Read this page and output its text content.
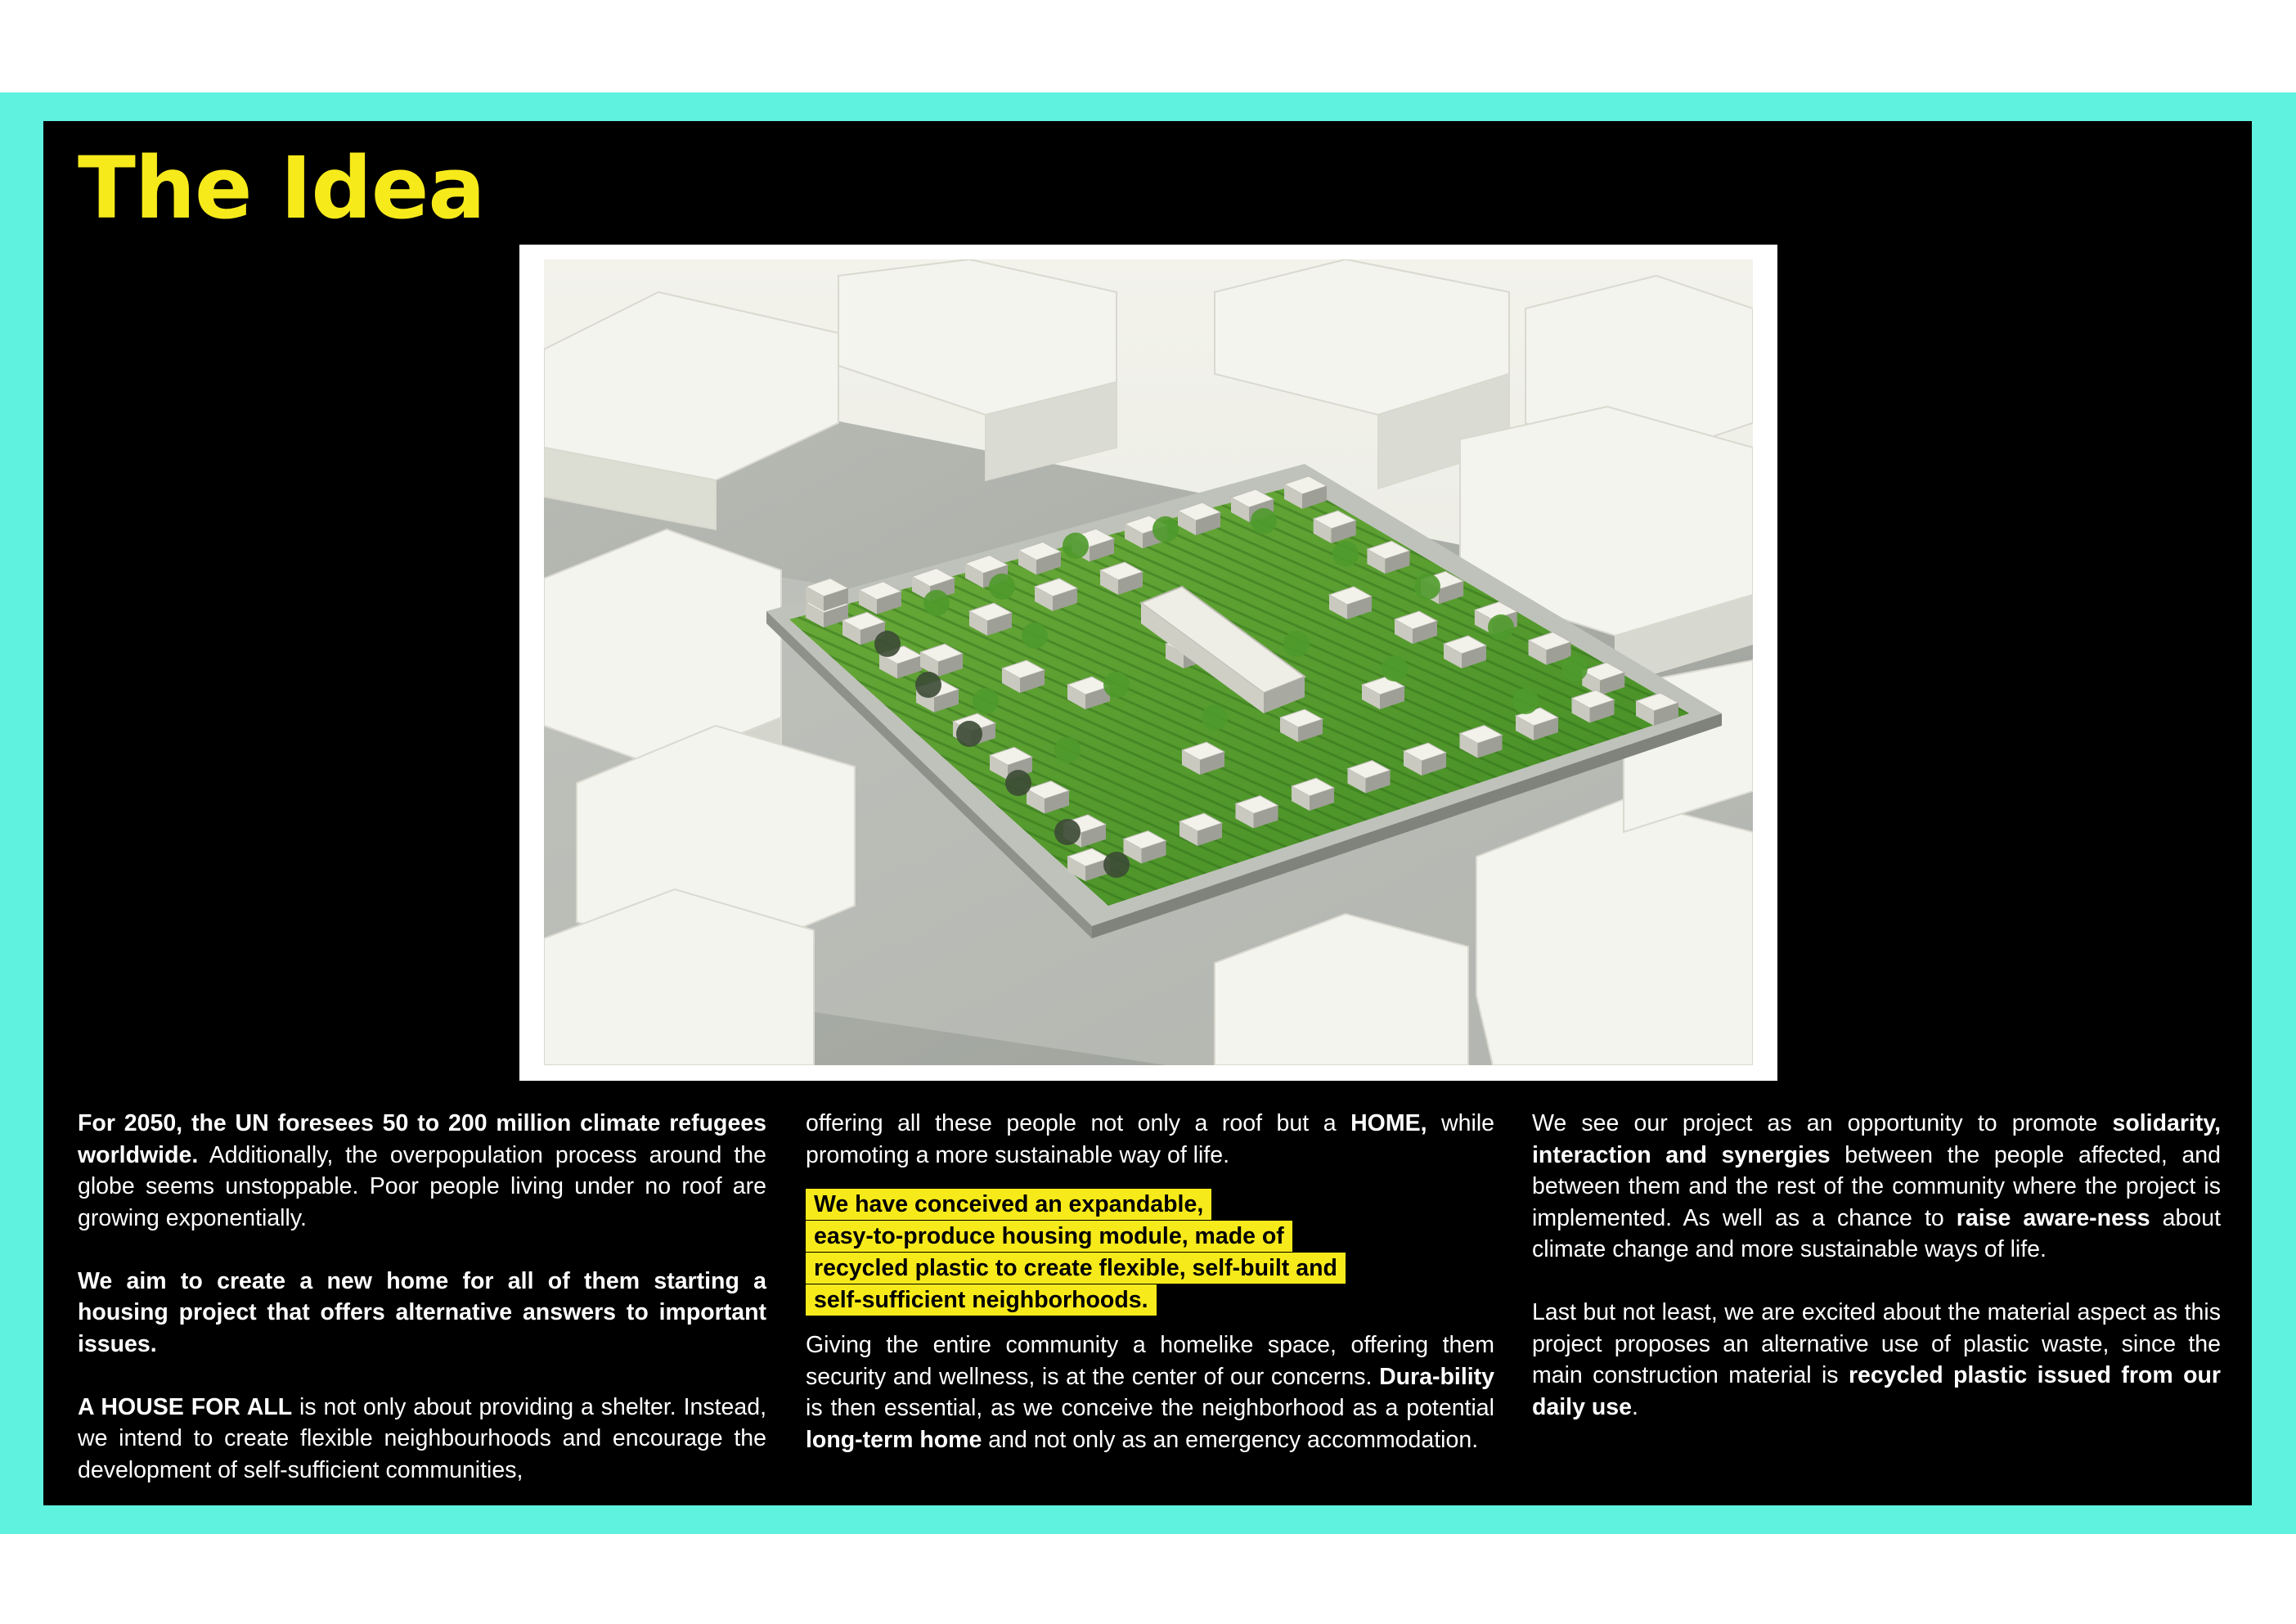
The Idea

For 2050, the UN foresees 50 to 200 million climate refugees worldwide. Additionally, the overpopulation process around the globe seems unstoppable. Poor people living under no roof are growing exponentially.

We aim to create a new home for all of them starting a housing project that offers alternative answers to important issues.

A HOUSE FOR ALL is not only about providing a shelter. Instead, we intend to create flexible neighbourhoods and encourage the development of self-sufficient communities,

offering all these people not only a roof but a HOME, while promoting a more sustainable way of life.

We have conceived an expandable,
easy-to-produce housing module, made of
recycled plastic to create flexible, self-built and
self-sufficient neighborhoods.

Giving the entire community a homelike space, offering them security and wellness, is at the center of our concerns. Dura-bility is then essential, as we conceive the neighborhood as a potential long-term home and not only as an emergency accommodation.

We see our project as an opportunity to promote solidarity, interaction and synergies between the people affected, and between them and the rest of the community where the project is implemented. As well as a chance to raise aware-ness about climate change and more sustainable ways of life.

Last but not least, we are excited about the material aspect as this project proposes an alternative use of plastic waste, since the main construction material is recycled plastic issued from our daily use.
